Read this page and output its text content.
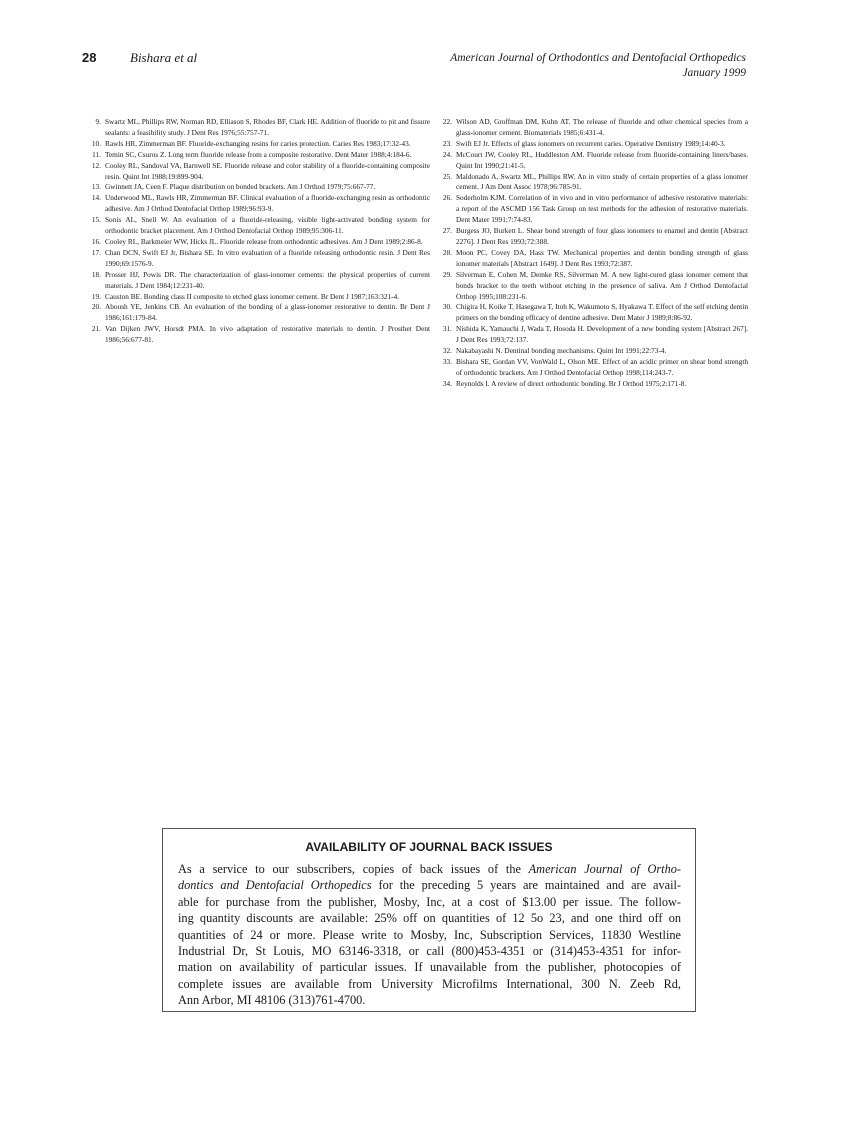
28	Bishara et al	American Journal of Orthodontics and Dentofacial Orthopedics
January 1999
9. Swartz ML, Phillips RW, Norman RD, Elliason S, Rhodes BF, Clark HE. Addition of fluoride to pit and fissure sealants: a feasibility study. J Dent Res 1976;55:757-71.
10. Rawls HR, Zimmerman BF. Fluoride-exchanging resins for caries protection. Caries Res 1983;17:32-43.
11. Temin SC, Csuros Z. Long term fluoride release from a composite restorative. Dent Mater 1988;4:184-6.
12. Cooley RL, Sandoval VA, Barnwell SE. Fluoride release and color stability of a fluoride-containing composite resin. Quint Int 1988;19:899-904.
13. Gwinnett JA, Ceen F. Plaque distribution on bonded brackets. Am J Orthod 1979;75:667-77.
14. Underwood ML, Rawls HR, Zimmerman BF. Clinical evaluation of a fluoride-exchanging resin as orthodontic adhesive. Am J Orthod Dentofacial Orthop 1989;96:93-9.
15. Sonis AL, Snell W. An evaluation of a fluoride-releasing, visible light-activated bonding system for orthodontic bracket placement. Am J Orthod Dentofacial Orthop 1989;95:306-11.
16. Cooley RL, Barkmeier WW, Hicks JL. Fluoride release from orthodontic adhesives. Am J Dent 1989;2:86-8.
17. Chan DCN, Swift EJ Jr, Bishara SE. In vitro evaluation of a fluoride releasing orthodontic resin. J Dent Res 1990;69:1576-9.
18. Prosser HJ, Powis DR. The characterization of glass-ionomer cements: the physical properties of current materials. J Dent 1984;12:231-40.
19. Causton BE. Bonding class II composite to etched glass ionomer cement. Br Dent J 1987;163:321-4.
20. Aboush YE, Jenkins CB. An evaluation of the bonding of a glass-ionomer restorative to dentin. Br Dent J 1986;161:179-84.
21. Van Dijken JWV, Horsdt PMA. In vivo adaptation of restorative materials to dentin. J Prosthet Dent 1986;56:677-81.
22. Wilson AD, Groffman DM, Kuhn AT. The release of fluoride and other chemical species from a glass-ionomer cement. Biomaterials 1985;6:431-4.
23. Swift EJ Jr. Effects of glass ionomers on recurrent caries. Operative Dentistry 1989;14:40-3.
24. McCourt JW, Cooley RL, Huddleston AM. Fluoride release from fluoride-containing liners/bases. Quint Int 1990;21:41-5.
25. Maldonado A, Swartz ML, Phillips RW. An in vitro study of certain properties of a glass ionomer cement. J Am Dent Assoc 1978;96:785-91.
26. Soderholm KJM. Correlation of in vivo and in vitro performance of adhesive restorative materials: a report of the ASCMD 156 Task Group on test methods for the adhesion of restorative materials. Dent Mater 1991;7:74-83.
27. Burgess JO, Burkett L. Shear bond strength of four glass ionomers to enamel and dentin [Abstract 2276]. J Dent Res 1993;72:388.
28. Moon PC, Covey DA, Hass TW. Mechanical properties and dentin bonding strength of glass ionomer materials [Abstract 1649]. J Dent Res 1993;72:387.
29. Silverman E, Cohen M, Demke RS, Silverman M. A new light-cured glass ionomer cement that bonds bracket to the teeth without etching in the presence of saliva. Am J Orthod Dentofacial Orthop 1995;108:231-6.
30. Chigira H, Koike T, Hasegawa T, Itoh K, Wakumoto S, Hyakawa T. Effect of the self etching dentin primers on the bonding efficacy of dentine adhesive. Dent Mater J 1989;8:86-92.
31. Nishida K, Yamauchi J, Wada T, Hosoda H. Development of a new bonding system [Abstract 267]. J Dent Res 1993;72:137.
32. Nakabayashi N. Dentinal bonding mechanisms. Quint Int 1991;22:73-4.
33. Bishara SE, Gordan VV, VonWald L, Olson ME. Effect of an acidic primer on shear bond strength of orthodontic brackets. Am J Orthod Dentofacial Orthop 1998;114:243-7.
34. Reynolds I. A review of direct orthodontic bonding. Br J Orthod 1975;2:171-8.
AVAILABILITY OF JOURNAL BACK ISSUES
As a service to our subscribers, copies of back issues of the American Journal of Ortho-
dontics and Dentofacial Orthopedics for the preceding 5 years are maintained and are avail-
able for purchase from the publisher, Mosby, Inc, at a cost of $13.00 per issue. The follow-
ing quantity discounts are available: 25% off on quantities of 12 5o 23, and one third off on
quantities of 24 or more. Please write to Mosby, Inc, Subscription Services, 11830 Westline
Industrial Dr, St Louis, MO 63146-3318, or call (800)453-4351 or (314)453-4351 for infor-
mation on availability of particular issues. If unavailable from the publisher, photocopies of
complete issues are available from University Microfilms International, 300 N. Zeeb Rd,
Ann Arbor, MI 48106 (313)761-4700.
